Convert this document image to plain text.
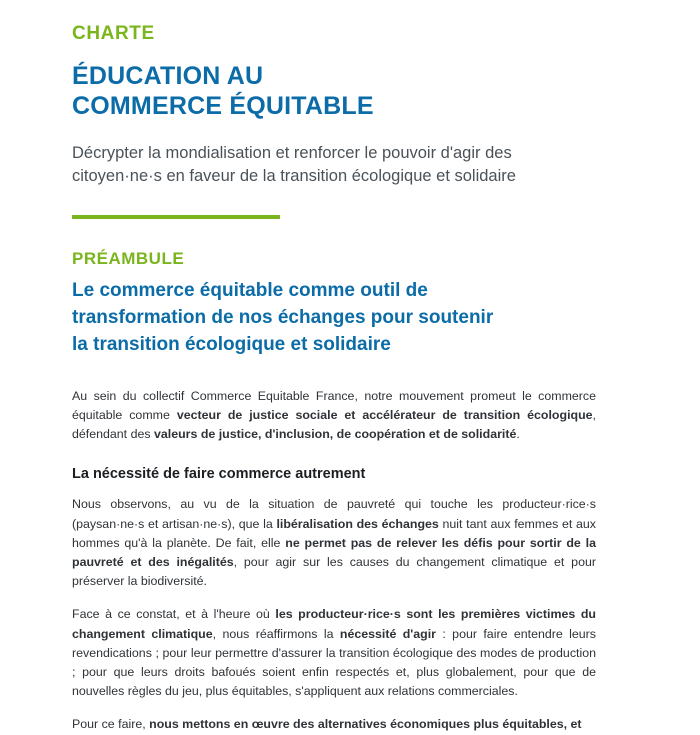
CHARTE
ÉDUCATION AU
COMMERCE ÉQUITABLE

Décrypter la mondialisation et renforcer le pouvoir d'agir des citoyen·ne·s en faveur de la transition écologique et solidaire

PRÉAMBULE
Le commerce équitable comme outil de
transformation de nos échanges pour soutenir
la transition écologique et solidaire

Au sein du collectif Commerce Equitable France, notre mouvement promeut le commerce équitable comme vecteur de justice sociale et accélérateur de transition écologique, défendant des valeurs de justice, d'inclusion, de coopération et de solidarité.

La nécessité de faire commerce autrement

Nous observons, au vu de la situation de pauvreté qui touche les producteur·rice·s (paysan·ne·s et artisan·ne·s), que la libéralisation des échanges nuit tant aux femmes et aux hommes qu'à la planète. De fait, elle ne permet pas de relever les défis pour sortir de la pauvreté et des inégalités, pour agir sur les causes du changement climatique et pour préserver la biodiversité.

Face à ce constat, et à l'heure où les producteur·rice·s sont les premières victimes du changement climatique, nous réaffirmons la nécessité d'agir : pour faire entendre leurs revendications ; pour leur permettre d'assurer la transition écologique des modes de production ; pour que leurs droits bafoués soient enfin respectés et, plus globalement, pour que de nouvelles règles du jeu, plus équitables, s'appliquent aux relations commerciales.

Pour ce faire, nous mettons en œuvre des alternatives économiques plus équitables, et
